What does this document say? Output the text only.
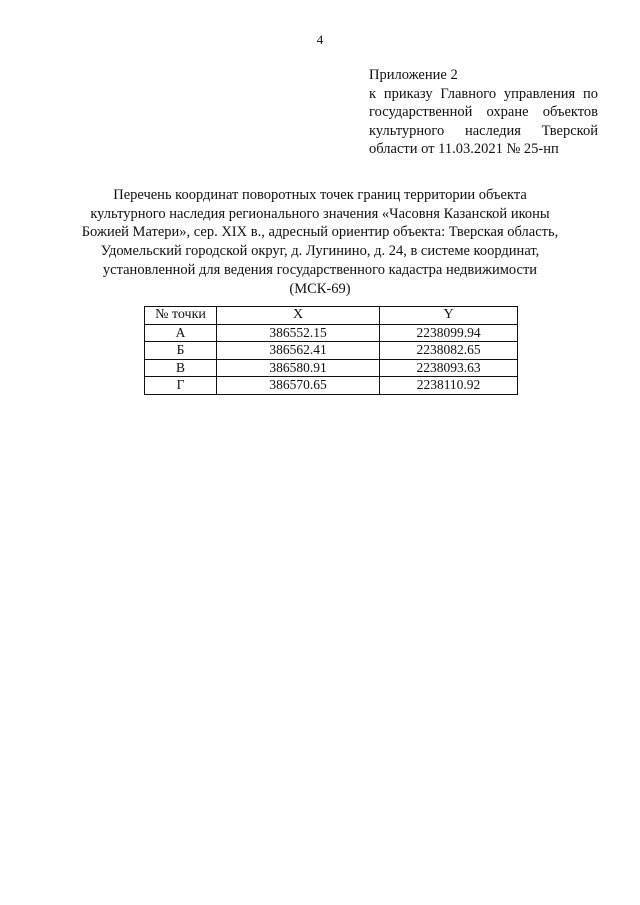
4
Приложение 2
к приказу Главного управления по
государственной охране объектов
культурного наследия Тверской
области от 11.03.2021 № 25-нп
Перечень координат поворотных точек границ территории объекта
культурного наследия регионального значения «Часовня Казанской иконы
Божией Матери», сер. XIX в., адресный ориентир объекта: Тверская область,
Удомельский городской округ, д. Лугинино, д. 24, в системе координат,
установленной для ведения государственного кадастра недвижимости
(МСК-69)
№ точки	X	Y
А	386552.15	2238099.94
Б	386562.41	2238082.65
В	386580.91	2238093.63
Г	386570.65	2238110.92
